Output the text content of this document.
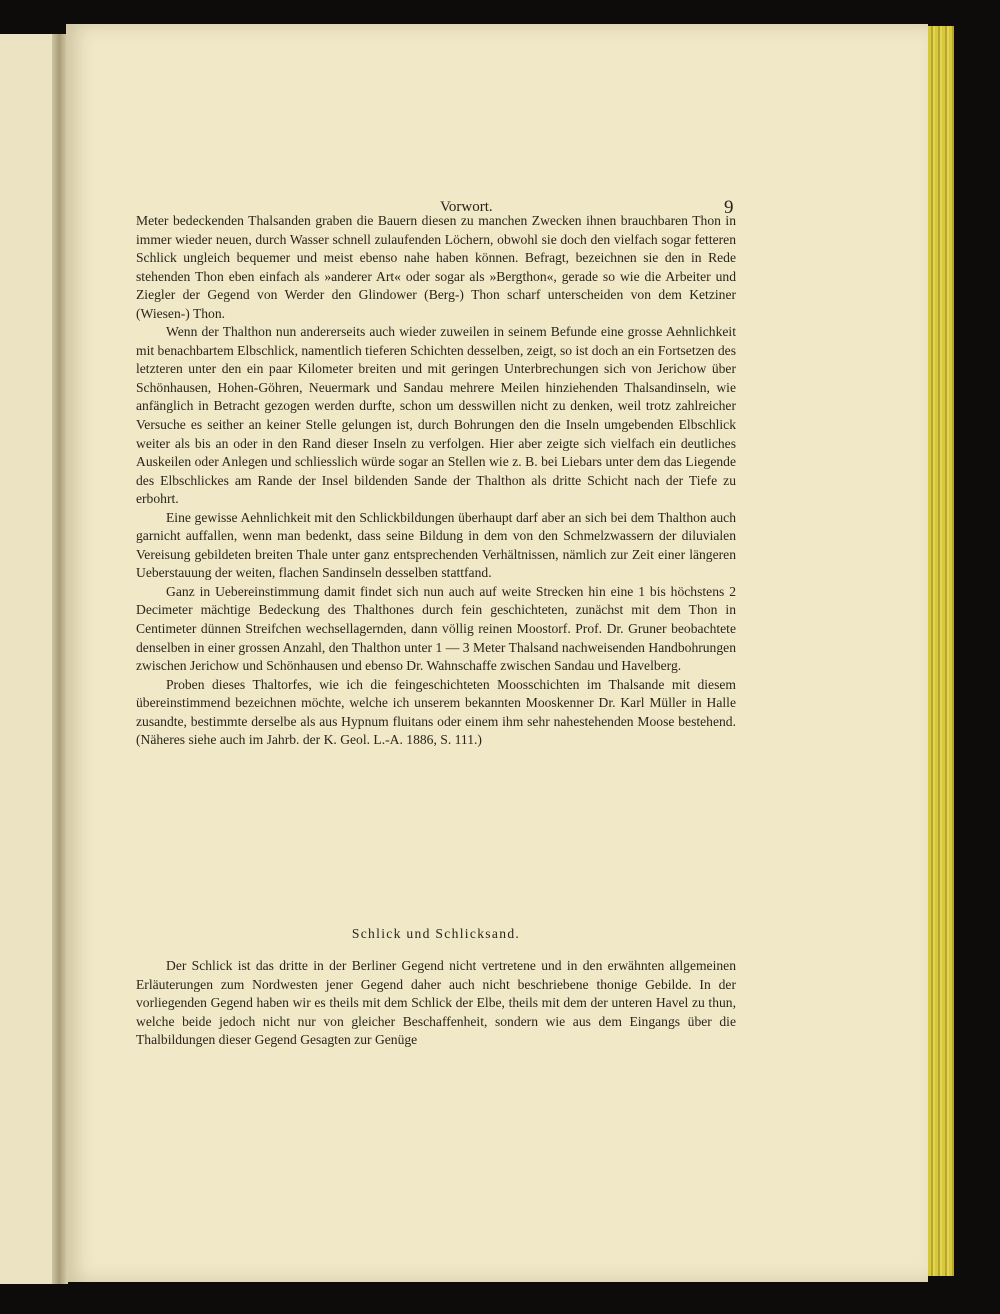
Vorwort.	9

Meter bedeckenden Thalsanden graben die Bauern diesen zu manchen Zwecken ihnen brauchbaren Thon in immer wieder neuen, durch Wasser schnell zulaufenden Löchern, obwohl sie doch den vielfach sogar fetteren Schlick ungleich bequemer und meist ebenso nahe haben können. Befragt, bezeichnen sie den in Rede stehenden Thon eben einfach als »anderer Art« oder sogar als »Bergthon«, gerade so wie die Arbeiter und Ziegler der Gegend von Werder den Glindower (Berg-) Thon scharf unterscheiden von dem Ketziner (Wiesen-) Thon.

Wenn der Thalthon nun andererseits auch wieder zuweilen in seinem Befunde eine grosse Aehnlichkeit mit benachbartem Elbschlick, namentlich tieferen Schichten desselben, zeigt, so ist doch an ein Fortsetzen des letzteren unter den ein paar Kilometer breiten und mit geringen Unterbrechungen sich von Jerichow über Schönhausen, Hohen-Göhren, Neuermark und Sandau mehrere Meilen hinziehenden Thalsandinseln, wie anfänglich in Betracht gezogen werden durfte, schon um desswillen nicht zu denken, weil trotz zahlreicher Versuche es seither an keiner Stelle gelungen ist, durch Bohrungen den die Inseln umgebenden Elbschlick weiter als bis an oder in den Rand dieser Inseln zu verfolgen. Hier aber zeigte sich vielfach ein deutliches Auskeilen oder Anlegen und schliesslich würde sogar an Stellen wie z. B. bei Liebars unter dem das Liegende des Elbschlickes am Rande der Insel bildenden Sande der Thalthon als dritte Schicht nach der Tiefe zu erbohrt.

Eine gewisse Aehnlichkeit mit den Schlickbildungen überhaupt darf aber an sich bei dem Thalthon auch garnicht auffallen, wenn man bedenkt, dass seine Bildung in dem von den Schmelzwassern der diluvialen Vereisung gebildeten breiten Thale unter ganz entsprechenden Verhältnissen, nämlich zur Zeit einer längeren Ueberstauung der weiten, flachen Sandinseln desselben stattfand.

Ganz in Uebereinstimmung damit findet sich nun auch auf weite Strecken hin eine 1 bis höchstens 2 Decimeter mächtige Bedeckung des Thalthones durch fein geschichteten, zunächst mit dem Thon in Centimeter dünnen Streifchen wechsellagernden, dann völlig reinen Moostorf. Prof. Dr. Gruner beobachtete denselben in einer grossen Anzahl, den Thalthon unter 1 — 3 Meter Thalsand nachweisenden Handbohrungen zwischen Jerichow und Schönhausen und ebenso Dr. Wahnschaffe zwischen Sandau und Havelberg.

Proben dieses Thaltorfes, wie ich die feingeschichteten Moosschichten im Thalsande mit diesem übereinstimmend bezeichnen möchte, welche ich unserem bekannten Mooskenner Dr. Karl Müller in Halle zusandte, bestimmte derselbe als aus Hypnum fluitans oder einem ihm sehr nahestehenden Moose bestehend. (Näheres siehe auch im Jahrb. der K. Geol. L.-A. 1886, S. 111.)

Schlick und Schlicksand.

Der Schlick ist das dritte in der Berliner Gegend nicht vertretene und in den erwähnten allgemeinen Erläuterungen zum Nordwesten jener Gegend daher auch nicht beschriebene thonige Gebilde. In der vorliegenden Gegend haben wir es theils mit dem Schlick der Elbe, theils mit dem der unteren Havel zu thun, welche beide jedoch nicht nur von gleicher Beschaffenheit, sondern wie aus dem Eingangs über die Thalbildungen dieser Gegend Gesagten zur Genüge
